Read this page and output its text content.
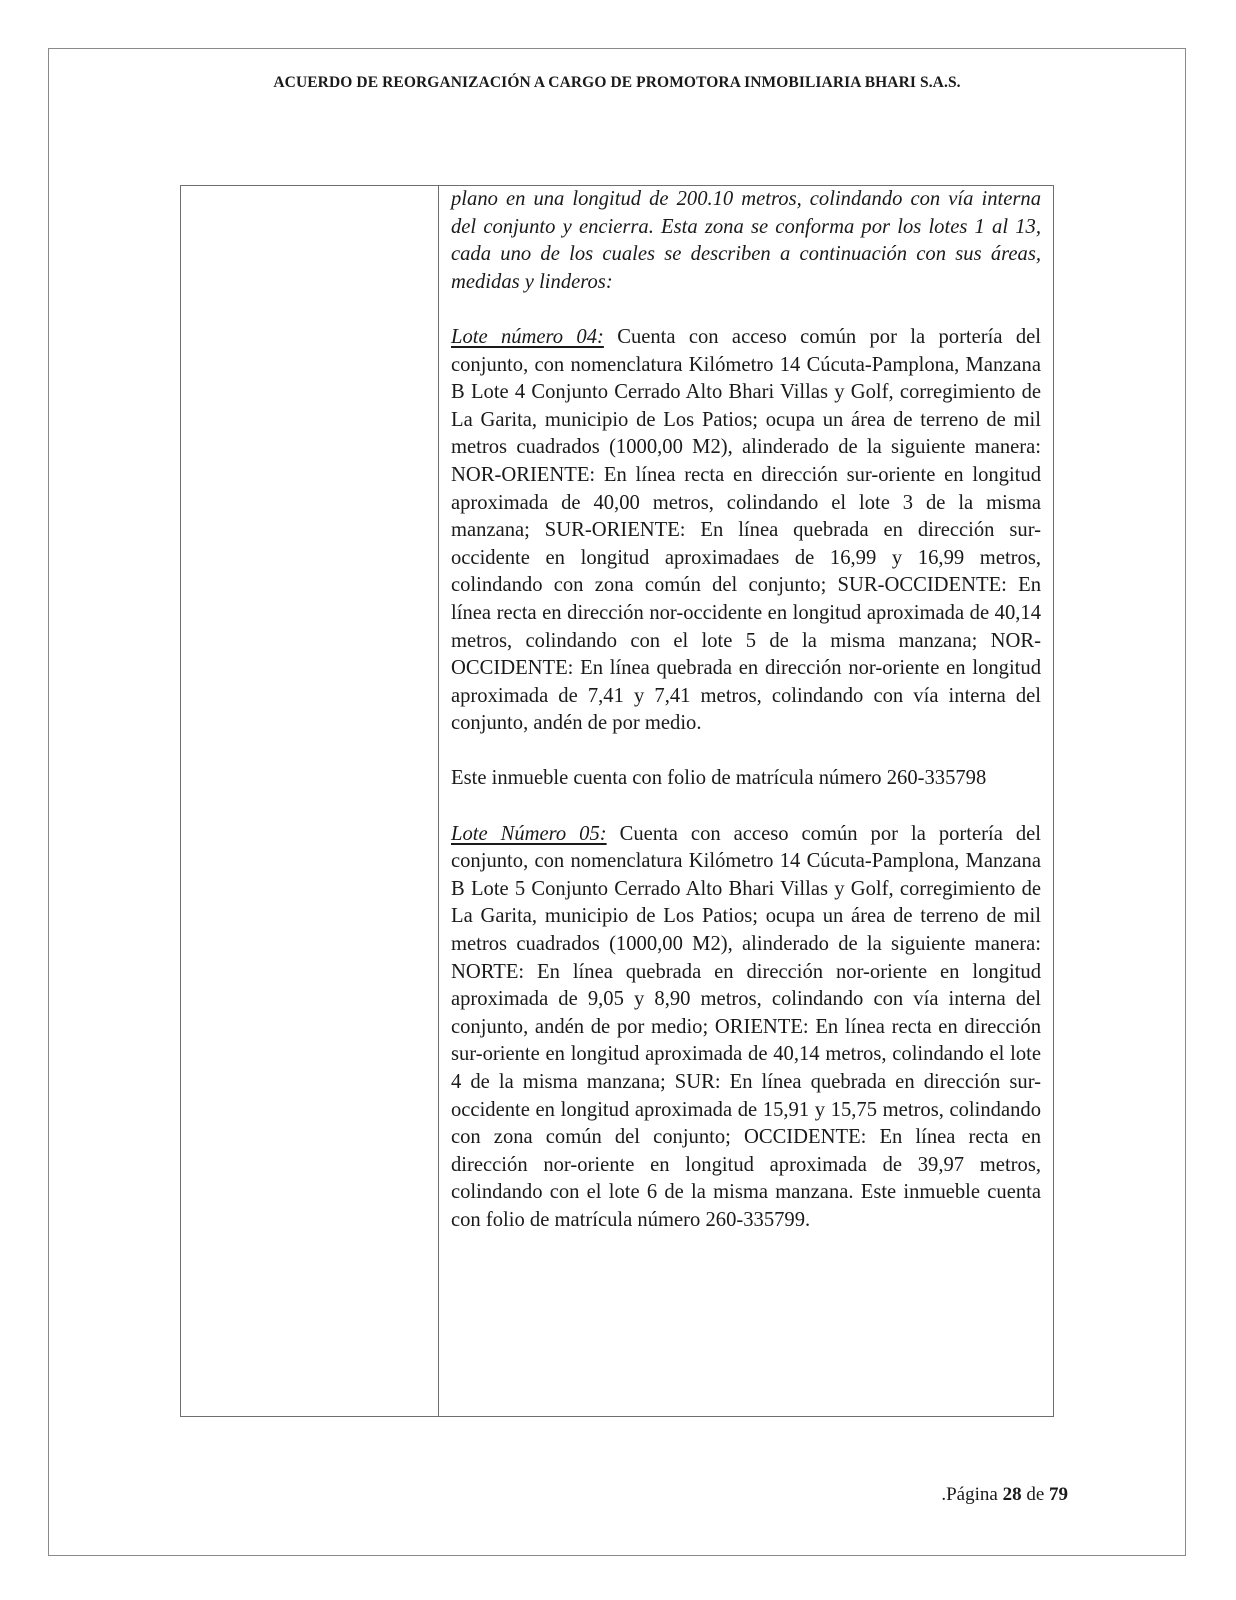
ACUERDO DE REORGANIZACIÓN A CARGO DE PROMOTORA INMOBILIARIA BHARI S.A.S.

plano en una longitud de 200.10 metros, colindando con vía interna del conjunto y encierra. Esta zona se conforma por los lotes 1 al 13, cada uno de los cuales se describen a continuación con sus áreas, medidas y linderos:

Lote número 04: Cuenta con acceso común por la portería del conjunto, con nomenclatura Kilómetro 14 Cúcuta-Pamplona, Manzana B Lote 4 Conjunto Cerrado Alto Bhari Villas y Golf, corregimiento de La Garita, municipio de Los Patios; ocupa un área de terreno de mil metros cuadrados (1000,00 M2), alinderado de la siguiente manera: NOR-ORIENTE: En línea recta en dirección sur-oriente en longitud aproximada de 40,00 metros, colindando el lote 3 de la misma manzana; SUR-ORIENTE: En línea quebrada en dirección sur-occidente en longitud aproximadaes de 16,99 y 16,99 metros, colindando con zona común del conjunto; SUR-OCCIDENTE: En línea recta en dirección nor-occidente en longitud aproximada de 40,14 metros, colindando con el lote 5 de la misma manzana; NOR-OCCIDENTE: En línea quebrada en dirección nor-oriente en longitud aproximada de 7,41 y 7,41 metros, colindando con vía interna del conjunto, andén de por medio.

Este inmueble cuenta con folio de matrícula número 260-335798

Lote Número 05: Cuenta con acceso común por la portería del conjunto, con nomenclatura Kilómetro 14 Cúcuta-Pamplona, Manzana B Lote 5 Conjunto Cerrado Alto Bhari Villas y Golf, corregimiento de La Garita, municipio de Los Patios; ocupa un área de terreno de mil metros cuadrados (1000,00 M2), alinderado de la siguiente manera: NORTE: En línea quebrada en dirección nor-oriente en longitud aproximada de 9,05 y 8,90 metros, colindando con vía interna del conjunto, andén de por medio; ORIENTE: En línea recta en dirección sur-oriente en longitud aproximada de 40,14 metros, colindando el lote 4 de la misma manzana; SUR: En línea quebrada en dirección sur-occidente en longitud aproximada de 15,91 y 15,75 metros, colindando con zona común del conjunto; OCCIDENTE: En línea recta en dirección nor-oriente en longitud aproximada de 39,97 metros, colindando con el lote 6 de la misma manzana. Este inmueble cuenta con folio de matrícula número 260-335799.

.Página 28 de 79
